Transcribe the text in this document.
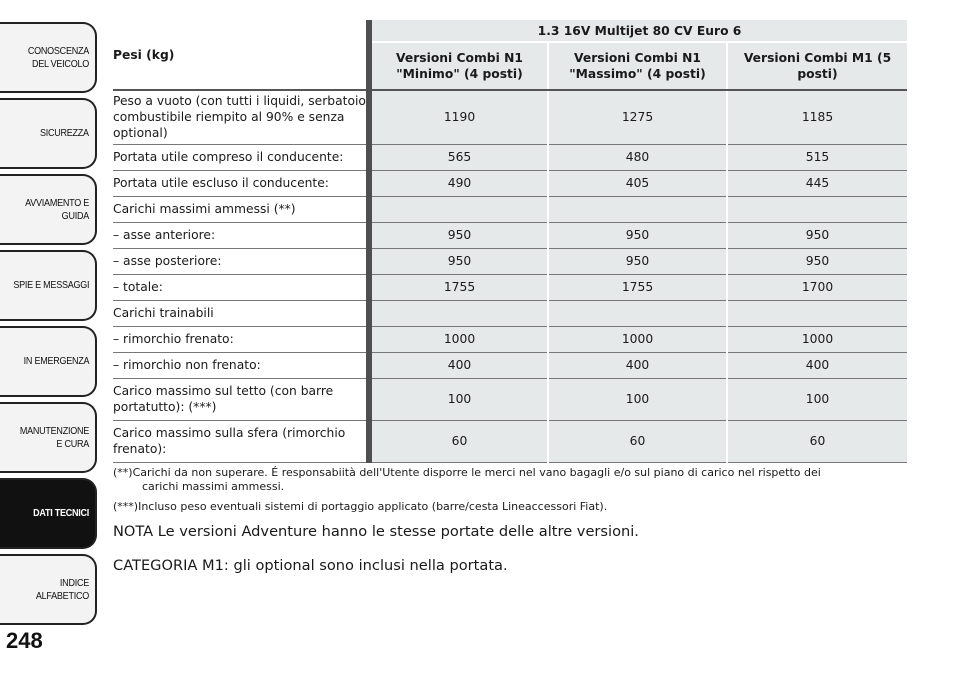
CONOSCENZA DEL VEICOLO
SICUREZZA
AVVIAMENTO E GUIDA
SPIE E MESSAGGI
IN EMERGENZA
MANUTENZIONE E CURA
DATI TECNICI
INDICE ALFABETICO
248
Pesi (kg)	1.3 16V Multijet 80 CV Euro 6		
	Versioni Combi N1 "Minimo" (4 posti)	Versioni Combi N1 "Massimo" (4 posti)	Versioni Combi M1 (5 posti)
Peso a vuoto (con tutti i liquidi, serbatoio combustibile riempito al 90% e senza optional)	1190	1275	1185
Portata utile compreso il conducente:	565	480	515
Portata utile escluso il conducente:	490	405	445
Carichi massimi ammessi (**)			
– asse anteriore:	950	950	950
– asse posteriore:	950	950	950
– totale:	1755	1755	1700
Carichi trainabili			
– rimorchio frenato:	1000	1000	1000
– rimorchio non frenato:	400	400	400
Carico massimo sul tetto (con barre portatutto): (***)	100	100	100
Carico massimo sulla sfera (rimorchio frenato):	60	60	60

(**)Carichi da non superare. É responsabiità dell'Utente disporre le merci nel vano bagagli e/o sul piano di carico nel rispetto dei

carichi massimi ammessi.

(***)Incluso peso eventuali sistemi di portaggio applicato (barre/cesta Lineaccessori Fiat).

NOTA Le versioni Adventure hanno le stesse portate delle altre versioni.

CATEGORIA M1: gli optional sono inclusi nella portata.
